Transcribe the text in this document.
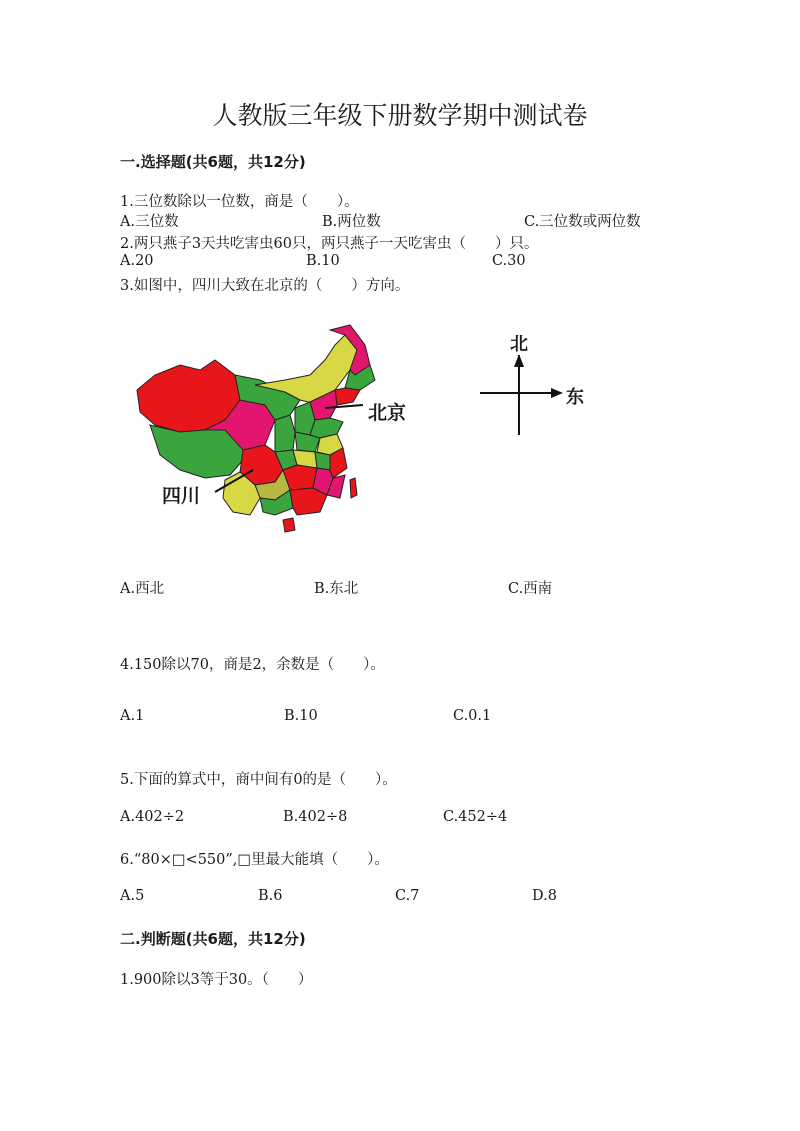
人教版三年级下册数学期中测试卷
一.选择题(共6题，共12分)
1.三位数除以一位数，商是（　　）。
A.三位数	B.两位数	C.三位数或两位数
2.两只燕子3天共吃害虫60只，两只燕子一天吃害虫（　　）只。
A.20	B.10	C.30
3.如图中，四川大致在北京的（　　）方向。
北京
四川
北
东
A.西北	B.东北	C.西南
4.150除以70，商是2，余数是（　　）。
A.1	B.10	C.0.1
5.下面的算式中，商中间有0的是（　　）。
A.402÷2	B.402÷8	C.452÷4
6.“80×□<550”,□里最大能填（　　）。
A.5	B.6	C.7	D.8
二.判断题(共6题，共12分)
1.900除以3等于30。（　　）
